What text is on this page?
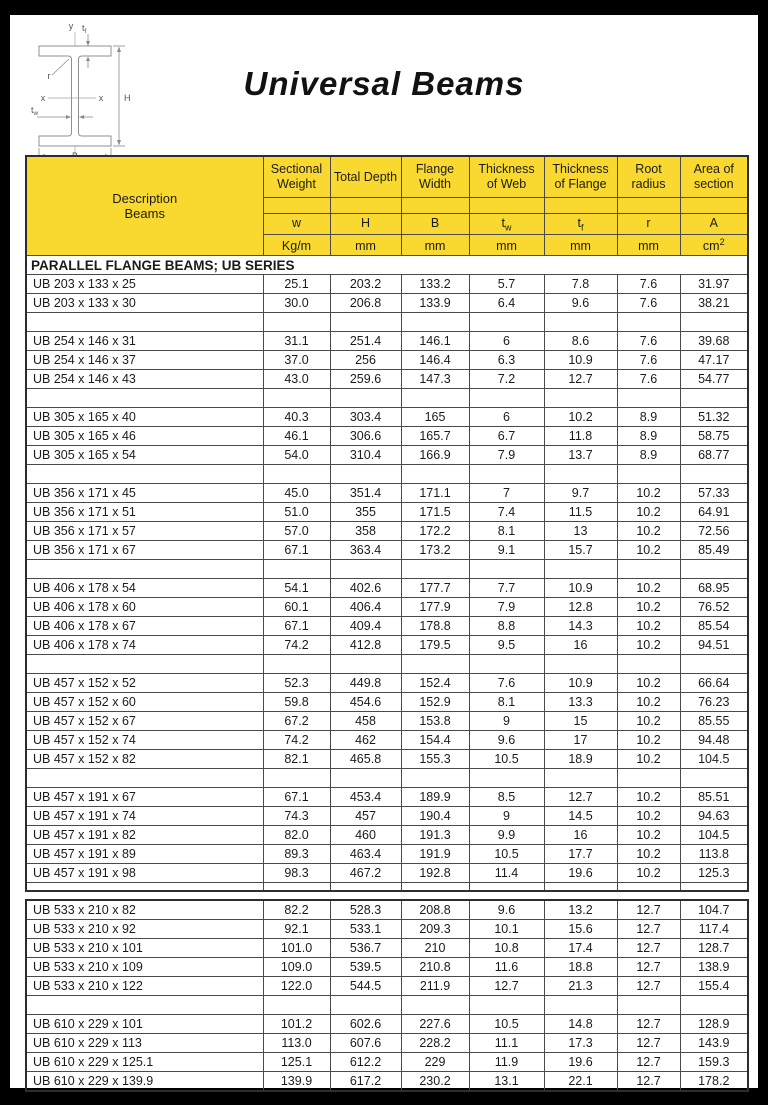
y $t_f$
r
x	x H
$t_w$
Universal Beams
Description
Beams	Sectional Weight	Total Depth	Flange Width	Thickness of Web	Thickness of Flange	Root radius	Area of section

	w	H	B	$t_w$	$t_f$	r	A
	Kg/m	mm	mm	mm	mm	mm	$cm^2$
PARALLEL FLANGE BEAMS; UB SERIES							
UB 203 x 133 x 25	25.1	203.2	133.2	5.7	7.8	7.6	31.97
UB 203 x 133 x 30	30.0	206.8	133.9	6.4	9.6	7.6	38.21

UB 254 x 146 x 31	31.1	251.4	146.1	6	8.6	7.6	39.68
UB 254 x 146 x 37	37.0	256	146.4	6.3	10.9	7.6	47.17
UB 254 x 146 x 43	43.0	259.6	147.3	7.2	12.7	7.6	54.77

UB 305 x 165 x 40	40.3	303.4	165	6	10.2	8.9	51.32
UB 305 x 165 x 46	46.1	306.6	165.7	6.7	11.8	8.9	58.75
UB 305 x 165 x 54	54.0	310.4	166.9	7.9	13.7	8.9	68.77

UB 356 x 171 x 45	45.0	351.4	171.1	7	9.7	10.2	57.33
UB 356 x 171 x 51	51.0	355	171.5	7.4	11.5	10.2	64.91
UB 356 x 171 x 57	57.0	358	172.2	8.1	13	10.2	72.56
UB 356 x 171 x 67	67.1	363.4	173.2	9.1	15.7	10.2	85.49

UB 406 x 178 x 54	54.1	402.6	177.7	7.7	10.9	10.2	68.95
UB 406 x 178 x 60	60.1	406.4	177.9	7.9	12.8	10.2	76.52
UB 406 x 178 x 67	67.1	409.4	178.8	8.8	14.3	10.2	85.54
UB 406 x 178 x 74	74.2	412.8	179.5	9.5	16	10.2	94.51

UB 457 x 152 x 52	52.3	449.8	152.4	7.6	10.9	10.2	66.64
UB 457 x 152 x 60	59.8	454.6	152.9	8.1	13.3	10.2	76.23
UB 457 x 152 x 67	67.2	458	153.8	9	15	10.2	85.55
UB 457 x 152 x 74	74.2	462	154.4	9.6	17	10.2	94.48
UB 457 x 152 x 82	82.1	465.8	155.3	10.5	18.9	10.2	104.5

UB 457 x 191 x 67	67.1	453.4	189.9	8.5	12.7	10.2	85.51
UB 457 x 191 x 74	74.3	457	190.4	9	14.5	10.2	94.63
UB 457 x 191 x 82	82.0	460	191.3	9.9	16	10.2	104.5
UB 457 x 191 x 89	89.3	463.4	191.9	10.5	17.7	10.2	113.8
UB 457 x 191 x 98	98.3	467.2	192.8	11.4	19.6	10.2	125.3

UB 533 x 210 x 82	82.2	528.3	208.8	9.6	13.2	12.7	104.7
UB 533 x 210 x 92	92.1	533.1	209.3	10.1	15.6	12.7	117.4
UB 533 x 210 x 101	101.0	536.7	210	10.8	17.4	12.7	128.7
UB 533 x 210 x 109	109.0	539.5	210.8	11.6	18.8	12.7	138.9
UB 533 x 210 x 122	122.0	544.5	211.9	12.7	21.3	12.7	155.4

UB 610 x 229 x 101	101.2	602.6	227.6	10.5	14.8	12.7	128.9
UB 610 x 229 x 113	113.0	607.6	228.2	11.1	17.3	12.7	143.9
UB 610 x 229 x 125.1	125.1	612.2	229	11.9	19.6	12.7	159.3
UB 610 x 229 x 139.9	139.9	617.2	230.2	13.1	22.1	12.7	178.2
